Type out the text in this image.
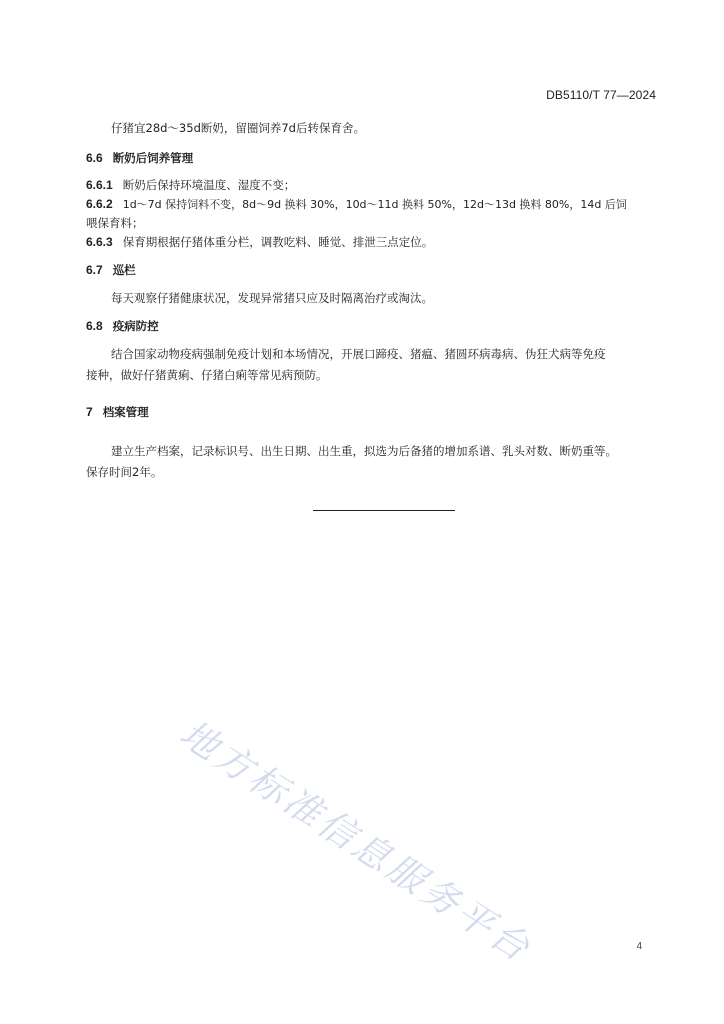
DB5110/T 77—2024
仔猪宜28d～35d断奶，留圈饲养7d后转保育舍。
6.6 断奶后饲养管理
6.6.1 断奶后保持环境温度、湿度不变；
6.6.2 1d～7d 保持饲料不变，8d～9d 换料 30%，10d～11d 换料 50%，12d～13d 换料 80%，14d 后饲
喂保育料；
6.6.3 保育期根据仔猪体重分栏，调教吃料、睡觉、排泄三点定位。
6.7 巡栏
每天观察仔猪健康状况，发现异常猪只应及时隔离治疗或淘汰。
6.8 疫病防控
结合国家动物疫病强制免疫计划和本场情况，开展口蹄疫、猪瘟、猪圆环病毒病、伪狂犬病等免疫
接种，做好仔猪黄痢、仔猪白痢等常见病预防。
7 档案管理
建立生产档案，记录标识号、出生日期、出生重，拟选为后备猪的增加系谱、乳头对数、断奶重等。
保存时间2年。
地方标准信息服务平台	4
